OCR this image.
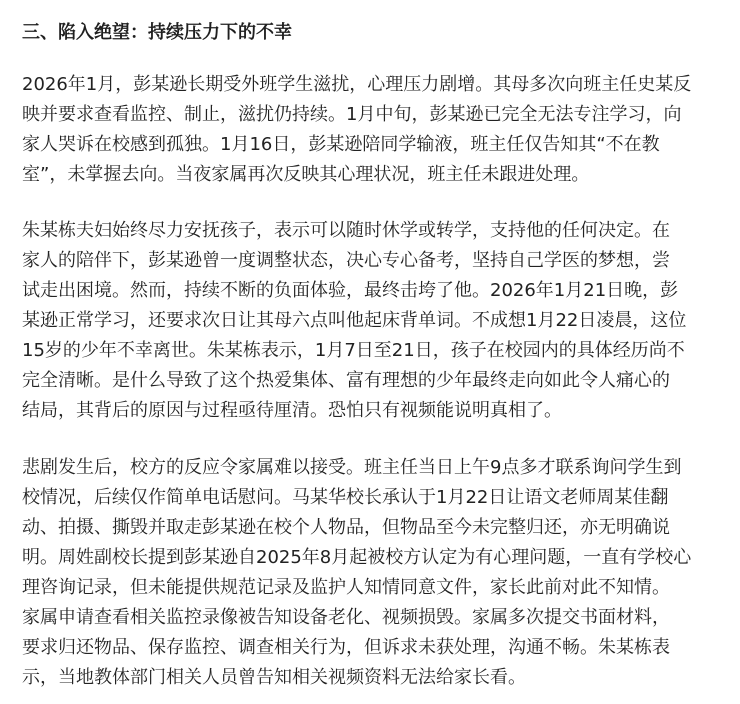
三、陷入绝望：持续压力下的不幸

2026年1月，彭某逊长期受外班学生滋扰，心理压力剧增。其母多次向班主任史某反
映并要求查看监控、制止，滋扰仍持续。1月中旬，彭某逊已完全无法专注学习，向
家人哭诉在校感到孤独。1月16日，彭某逊陪同学输液，班主任仅告知其“不在教
室”，未掌握去向。当夜家属再次反映其心理状况，班主任未跟进处理。

朱某栋夫妇始终尽力安抚孩子，表示可以随时休学或转学，支持他的任何决定。在
家人的陪伴下，彭某逊曾一度调整状态，决心专心备考，坚持自己学医的梦想，尝
试走出困境。然而，持续不断的负面体验，最终击垮了他。2026年1月21日晚，彭
某逊正常学习，还要求次日让其母六点叫他起床背单词。不成想1月22日凌晨，这位
15岁的少年不幸离世。朱某栋表示，1月7日至21日，孩子在校园内的具体经历尚不
完全清晰。是什么导致了这个热爱集体、富有理想的少年最终走向如此令人痛心的
结局，其背后的原因与过程亟待厘清。恐怕只有视频能说明真相了。

悲剧发生后，校方的反应令家属难以接受。班主任当日上午9点多才联系询问学生到
校情况，后续仅作简单电话慰问。马某华校长承认于1月22日让语文老师周某佳翻
动、拍摄、撕毁并取走彭某逊在校个人物品，但物品至今未完整归还，亦无明确说
明。周姓副校长提到彭某逊自2025年8月起被校方认定为有心理问题，一直有学校心
理咨询记录，但未能提供规范记录及监护人知情同意文件，家长此前对此不知情。
家属申请查看相关监控录像被告知设备老化、视频损毁。家属多次提交书面材料，
要求归还物品、保存监控、调查相关行为，但诉求未获处理，沟通不畅。朱某栋表
示，当地教体部门相关人员曾告知相关视频资料无法给家长看。
